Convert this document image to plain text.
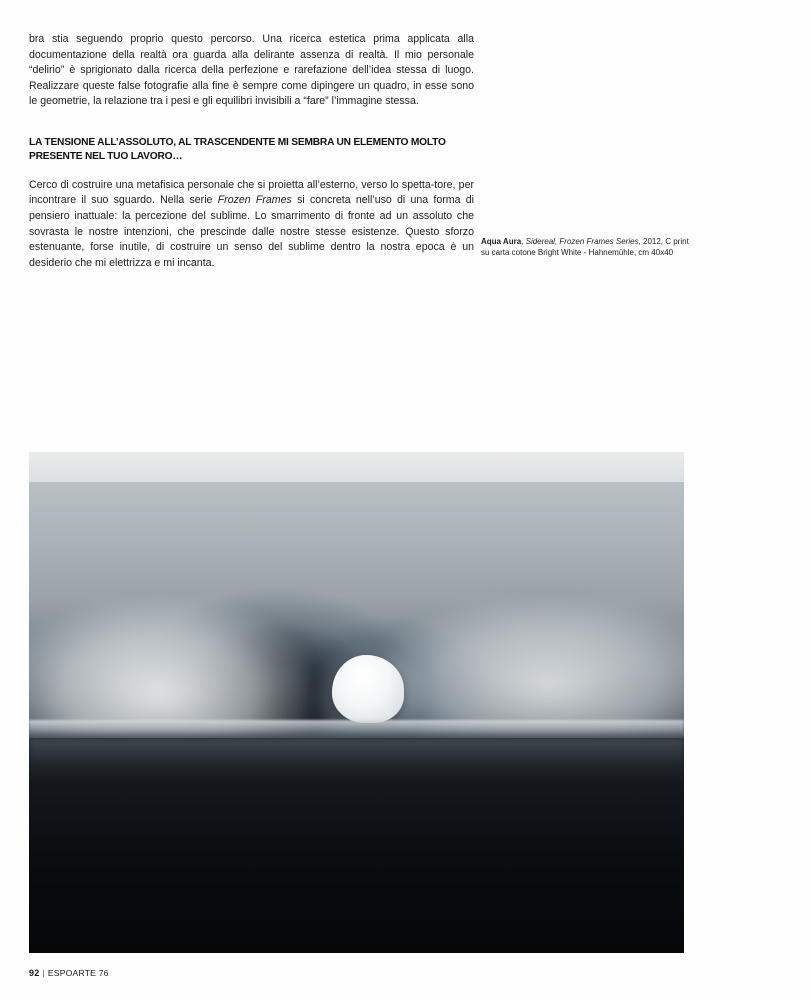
bra stia seguendo proprio questo percorso. Una ricerca estetica prima applicata alla documentazione della realtà ora guarda alla delirante assenza di realtà. Il mio personale “delirio” è sprigionato dalla ricerca della perfezione e rarefazione dell’idea stessa di luogo. Realizzare queste false fotografie alla fine è sempre come dipingere un quadro, in esse sono le geometrie, la relazione tra i pesi e gli equilibri invisibili a “fare” l’immagine stessa.

LA TENSIONE ALL’ASSOLUTO, AL TRASCENDENTE MI SEMBRA UN ELEMENTO MOLTO PRESENTE NEL TUO LAVORO…

Cerco di costruire una metafisica personale che si proietta all’esterno, verso lo spetta-tore, per incontrare il suo sguardo. Nella serie Frozen Frames si concreta nell’uso di una forma di pensiero inattuale: la percezione del sublime. Lo smarrimento di fronte ad un assoluto che sovrasta le nostre intenzioni, che prescinde dalle nostre stesse esistenze. Questo sforzo estenuante, forse inutile, di costruire un senso del sublime dentro la nostra epoca è un desiderio che mi elettrizza e mi incanta.

Aqua Aura, Sidereal, Frozen Frames Series, 2012, C print su carta cotone Bright White - Hahnemühle, cm 40x40
92 | ESPOARTE 76
